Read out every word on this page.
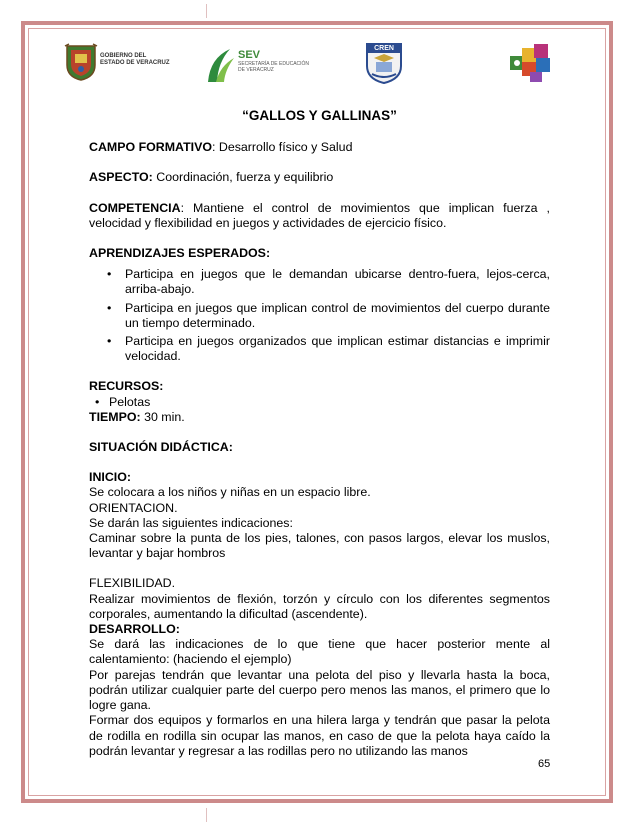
GOBIERNO DEL
ESTADO DE VERACRUZ
SEV
SECRETARÍA DE EDUCACIÓN
DE VERACRUZ
CREN
“GALLOS Y GALLINAS”

CAMPO FORMATIVO: Desarrollo físico y Salud

ASPECTO: Coordinación, fuerza y equilibrio

COMPETENCIA: Mantiene el control de movimientos que implican fuerza , velocidad y flexibilidad en juegos y actividades de ejercicio físico.

APRENDIZAJES ESPERADOS:

• Participa en juegos que le demandan ubicarse dentro-fuera, lejos-cerca, arriba-abajo.
• Participa en juegos que implican control de movimientos del cuerpo durante un tiempo determinado.
• Participa en juegos organizados que implican estimar distancias e imprimir velocidad.

RECURSOS:

• Pelotas

TIEMPO: 30 min.

SITUACIÓN DIDÁCTICA:

INICIO:

Se colocara a los niños y niñas en un espacio libre.

ORIENTACION.

Se darán las siguientes indicaciones:

Caminar sobre la punta de los pies, talones, con pasos largos, elevar los muslos, levantar y bajar hombros

FLEXIBILIDAD.

Realizar movimientos de flexión, torzón y círculo con los diferentes segmentos corporales, aumentando la dificultad (ascendente).

DESARROLLO:

Se dará las indicaciones de lo que tiene que hacer posterior mente al calentamiento: (haciendo el ejemplo)

Por parejas tendrán que levantar una pelota del piso y llevarla hasta la boca, podrán utilizar cualquier parte del cuerpo pero menos las manos, el primero que lo logre gana.

Formar dos equipos y formarlos en una hilera larga y tendrán que pasar la pelota de rodilla en rodilla sin ocupar las manos, en caso de que la pelota haya caído la podrán levantar y regresar a las rodillas pero no utilizando las manos

65
